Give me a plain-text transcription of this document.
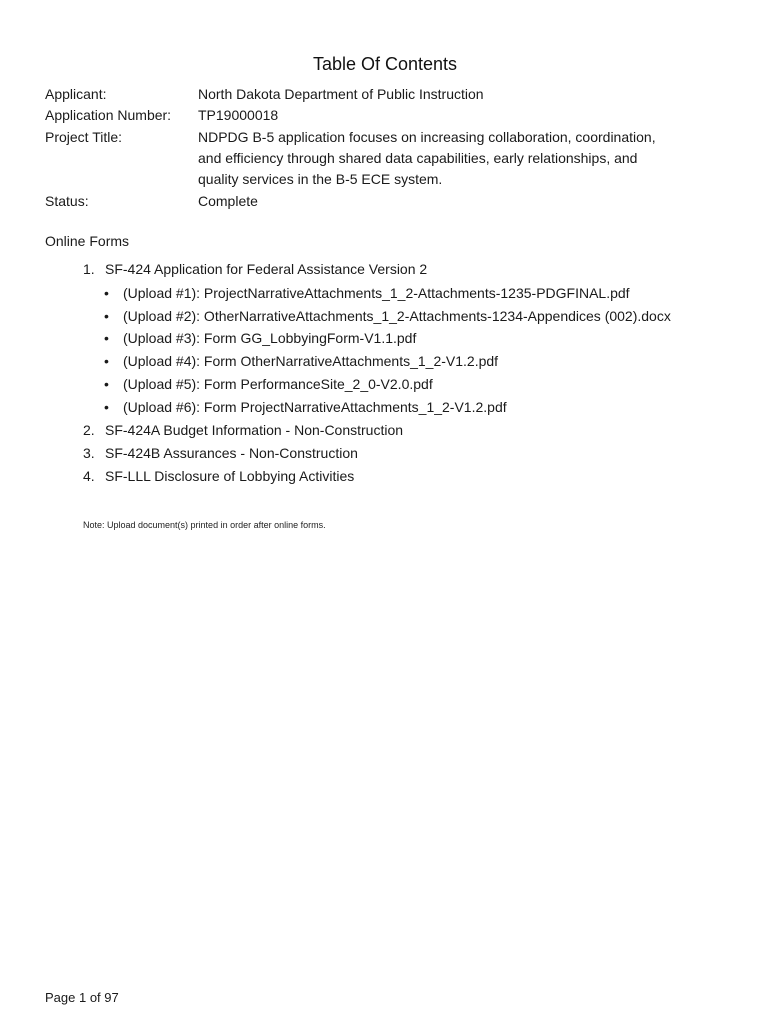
Table Of Contents
Applicant:	North Dakota Department of Public Instruction
Application Number:	TP19000018
Project Title:	NDPDG B-5 application focuses on increasing collaboration, coordination, and efficiency through shared data capabilities, early relationships, and quality services in the B-5 ECE system.
Status:	Complete
Online Forms
1. SF-424 Application for Federal Assistance Version 2
• (Upload #1): ProjectNarrativeAttachments_1_2-Attachments-1235-PDGFINAL.pdf
• (Upload #2): OtherNarrativeAttachments_1_2-Attachments-1234-Appendices (002).docx
• (Upload #3): Form GG_LobbyingForm-V1.1.pdf
• (Upload #4): Form OtherNarrativeAttachments_1_2-V1.2.pdf
• (Upload #5): Form PerformanceSite_2_0-V2.0.pdf
• (Upload #6): Form ProjectNarrativeAttachments_1_2-V1.2.pdf
2. SF-424A Budget Information - Non-Construction
3. SF-424B Assurances - Non-Construction
4. SF-LLL Disclosure of Lobbying Activities
Note: Upload document(s) printed in order after online forms.
Page 1 of 97
